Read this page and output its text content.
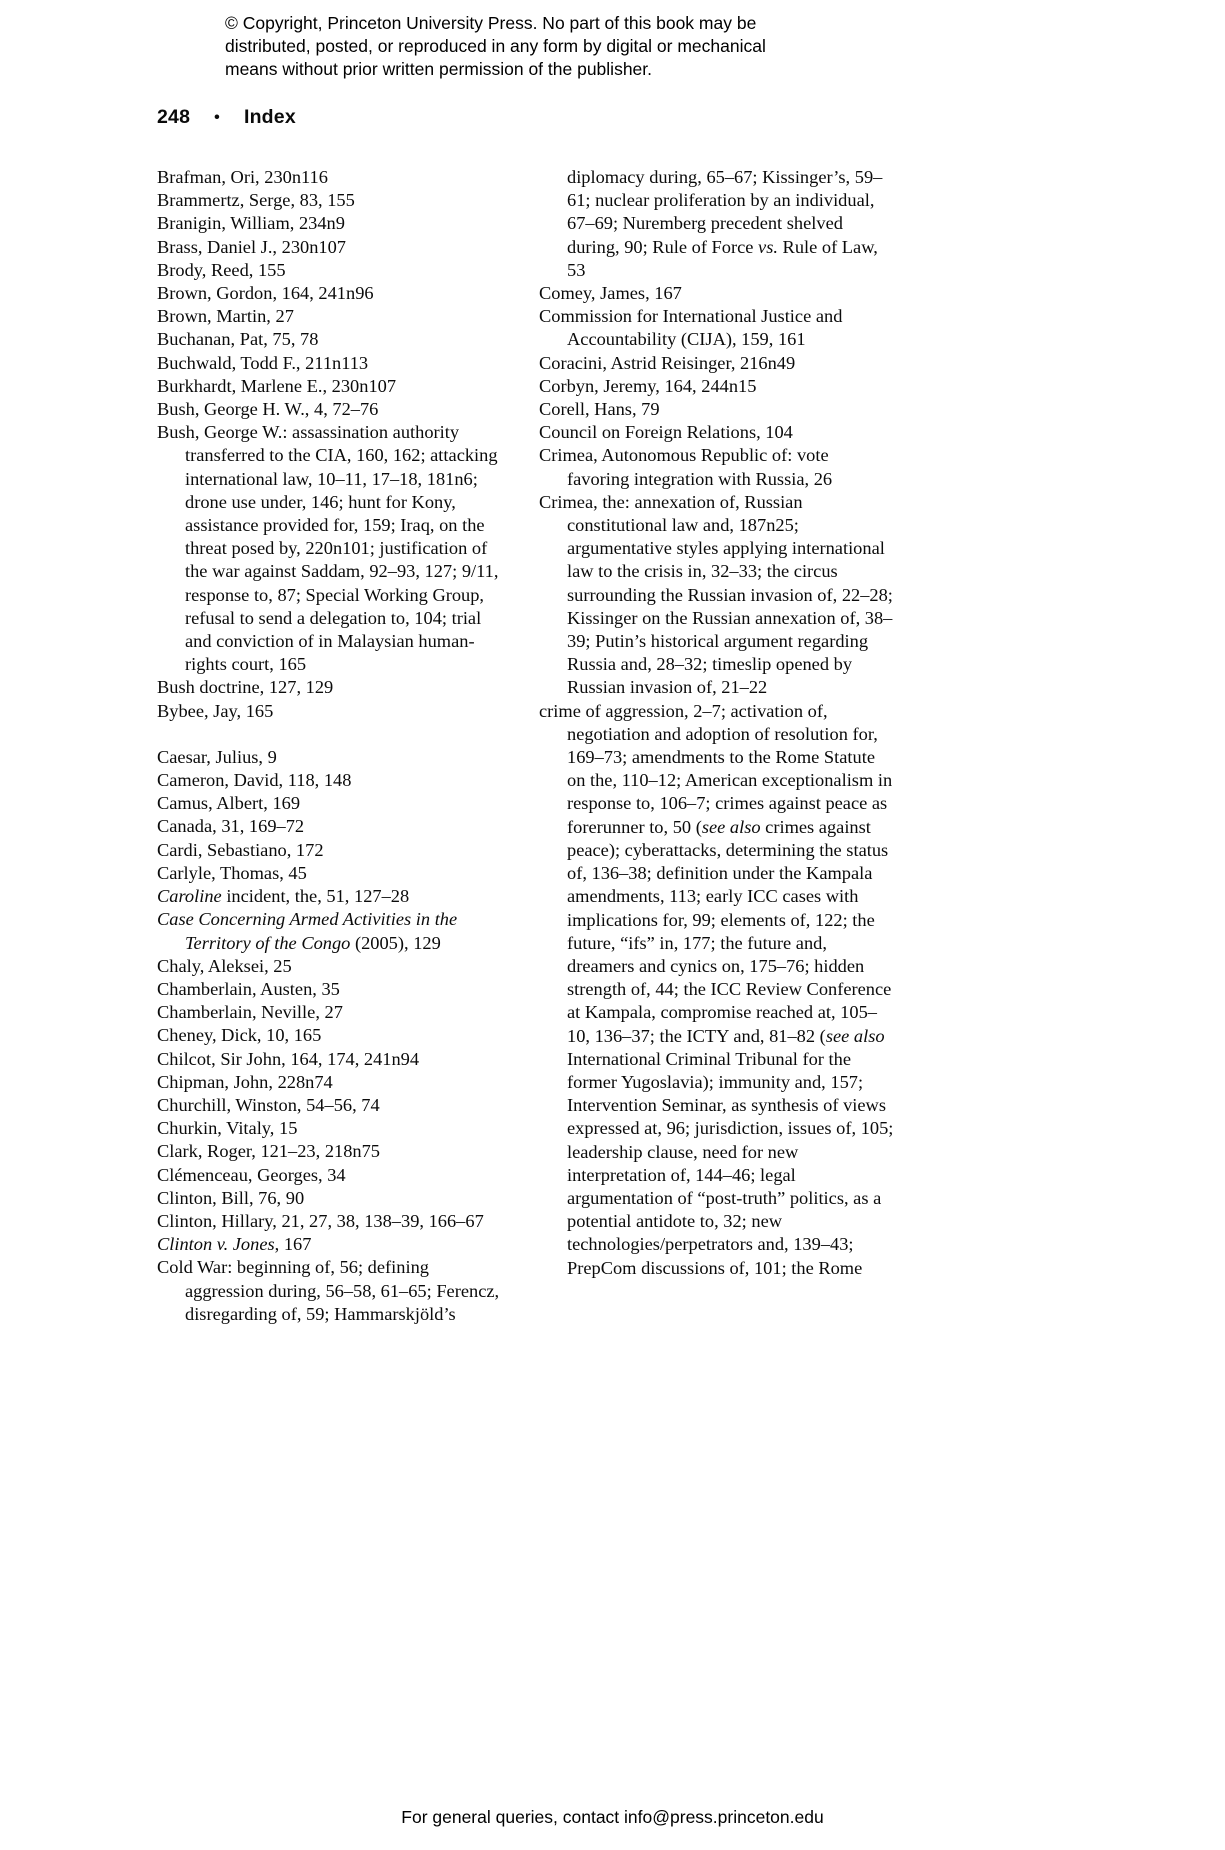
© Copyright, Princeton University Press. No part of this book may be distributed, posted, or reproduced in any form by digital or mechanical means without prior written permission of the publisher.
248 • Index
Brafman, Ori, 230n116
Brammertz, Serge, 83, 155
Branigin, William, 234n9
Brass, Daniel J., 230n107
Brody, Reed, 155
Brown, Gordon, 164, 241n96
Brown, Martin, 27
Buchanan, Pat, 75, 78
Buchwald, Todd F., 211n113
Burkhardt, Marlene E., 230n107
Bush, George H. W., 4, 72–76
Bush, George W.: assassination authority transferred to the CIA, 160, 162; attacking international law, 10–11, 17–18, 181n6; drone use under, 146; hunt for Kony, assistance provided for, 159; Iraq, on the threat posed by, 220n101; justification of the war against Saddam, 92–93, 127; 9/11, response to, 87; Special Working Group, refusal to send a delegation to, 104; trial and conviction of in Malaysian human-rights court, 165
Bush doctrine, 127, 129
Bybee, Jay, 165
Caesar, Julius, 9
Cameron, David, 118, 148
Camus, Albert, 169
Canada, 31, 169–72
Cardi, Sebastiano, 172
Carlyle, Thomas, 45
Caroline incident, the, 51, 127–28
Case Concerning Armed Activities in the Territory of the Congo (2005), 129
Chaly, Aleksei, 25
Chamberlain, Austen, 35
Chamberlain, Neville, 27
Cheney, Dick, 10, 165
Chilcot, Sir John, 164, 174, 241n94
Chipman, John, 228n74
Churchill, Winston, 54–56, 74
Churkin, Vitaly, 15
Clark, Roger, 121–23, 218n75
Clémenceau, Georges, 34
Clinton, Bill, 76, 90
Clinton, Hillary, 21, 27, 38, 138–39, 166–67
Clinton v. Jones, 167
Cold War: beginning of, 56; defining aggression during, 56–58, 61–65; Ferencz, disregarding of, 59; Hammarskjöld’s
diplomacy during, 65–67; Kissinger’s, 59–61; nuclear proliferation by an individual, 67–69; Nuremberg precedent shelved during, 90; Rule of Force vs. Rule of Law, 53
Comey, James, 167
Commission for International Justice and Accountability (CIJA), 159, 161
Coracini, Astrid Reisinger, 216n49
Corbyn, Jeremy, 164, 244n15
Corell, Hans, 79
Council on Foreign Relations, 104
Crimea, Autonomous Republic of: vote favoring integration with Russia, 26
Crimea, the: annexation of, Russian constitutional law and, 187n25; argumentative styles applying international law to the crisis in, 32–33; the circus surrounding the Russian invasion of, 22–28; Kissinger on the Russian annexation of, 38–39; Putin’s historical argument regarding Russia and, 28–32; timeslip opened by Russian invasion of, 21–22
crime of aggression, 2–7; activation of, negotiation and adoption of resolution for, 169–73; amendments to the Rome Statute on the, 110–12; American exceptionalism in response to, 106–7; crimes against peace as forerunner to, 50 (see also crimes against peace); cyberattacks, determining the status of, 136–38; definition under the Kampala amendments, 113; early ICC cases with implications for, 99; elements of, 122; the future, “ifs” in, 177; the future and, dreamers and cynics on, 175–76; hidden strength of, 44; the ICC Review Conference at Kampala, compromise reached at, 105–10, 136–37; the ICTY and, 81–82 (see also International Criminal Tribunal for the former Yugoslavia); immunity and, 157; Intervention Seminar, as synthesis of views expressed at, 96; jurisdiction, issues of, 105; leadership clause, need for new interpretation of, 144–46; legal argumentation of “post-truth” politics, as a potential antidote to, 32; new technologies/perpetrators and, 139–43; PrepCom discussions of, 101; the Rome
For general queries, contact info@press.princeton.edu
